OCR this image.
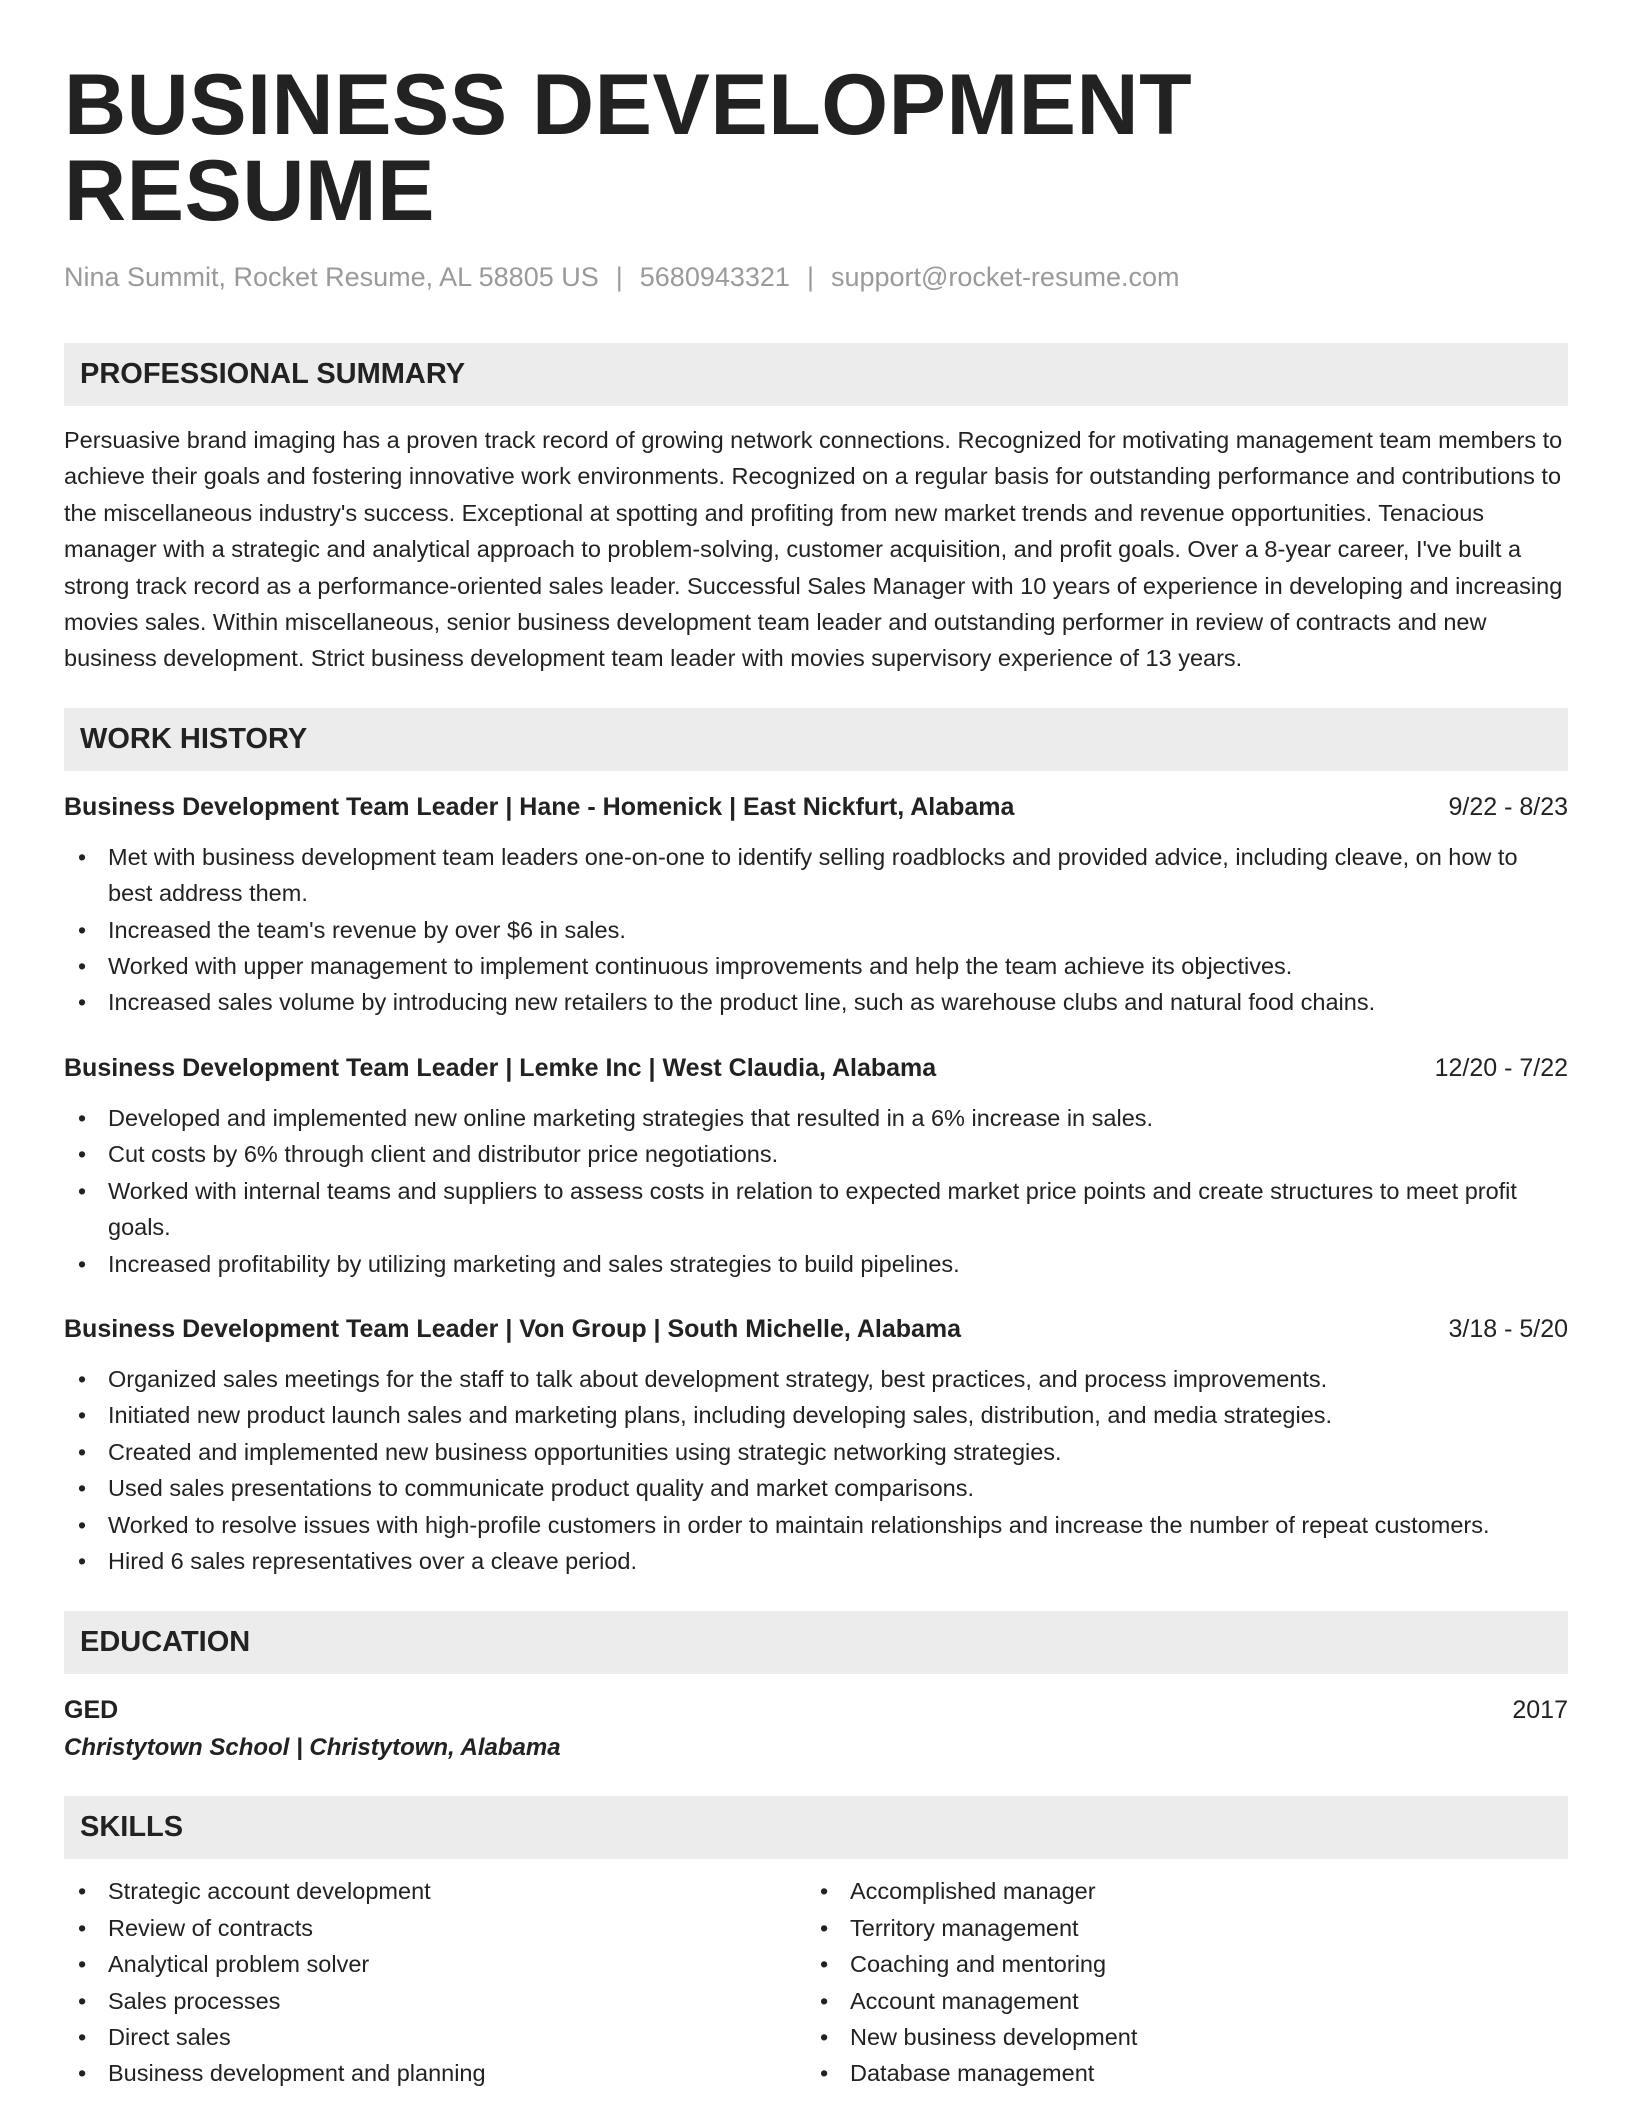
BUSINESS DEVELOPMENT RESUME
Nina Summit, Rocket Resume, AL 58805 US | 5680943321 | support@rocket-resume.com
PROFESSIONAL SUMMARY
Persuasive brand imaging has a proven track record of growing network connections. Recognized for motivating management team members to achieve their goals and fostering innovative work environments. Recognized on a regular basis for outstanding performance and contributions to the miscellaneous industry's success. Exceptional at spotting and profiting from new market trends and revenue opportunities. Tenacious manager with a strategic and analytical approach to problem-solving, customer acquisition, and profit goals. Over a 8-year career, I've built a strong track record as a performance-oriented sales leader. Successful Sales Manager with 10 years of experience in developing and increasing movies sales. Within miscellaneous, senior business development team leader and outstanding performer in review of contracts and new business development. Strict business development team leader with movies supervisory experience of 13 years.
WORK HISTORY
Business Development Team Leader | Hane - Homenick | East Nickfurt, Alabama	9/22 - 8/23
• Met with business development team leaders one-on-one to identify selling roadblocks and provided advice, including cleave, on how to best address them.
• Increased the team's revenue by over $6 in sales.
• Worked with upper management to implement continuous improvements and help the team achieve its objectives.
• Increased sales volume by introducing new retailers to the product line, such as warehouse clubs and natural food chains.
Business Development Team Leader | Lemke Inc | West Claudia, Alabama	12/20 - 7/22
• Developed and implemented new online marketing strategies that resulted in a 6% increase in sales.
• Cut costs by 6% through client and distributor price negotiations.
• Worked with internal teams and suppliers to assess costs in relation to expected market price points and create structures to meet profit goals.
• Increased profitability by utilizing marketing and sales strategies to build pipelines.
Business Development Team Leader | Von Group | South Michelle, Alabama	3/18 - 5/20
• Organized sales meetings for the staff to talk about development strategy, best practices, and process improvements.
• Initiated new product launch sales and marketing plans, including developing sales, distribution, and media strategies.
• Created and implemented new business opportunities using strategic networking strategies.
• Used sales presentations to communicate product quality and market comparisons.
• Worked to resolve issues with high-profile customers in order to maintain relationships and increase the number of repeat customers.
• Hired 6 sales representatives over a cleave period.
EDUCATION
GED	2017
Christytown School | Christytown, Alabama
SKILLS
• Strategic account development
• Review of contracts
• Analytical problem solver
• Sales processes
• Direct sales
• Business development and planning
• Accomplished manager
• Territory management
• Coaching and mentoring
• Account management
• New business development
• Database management
